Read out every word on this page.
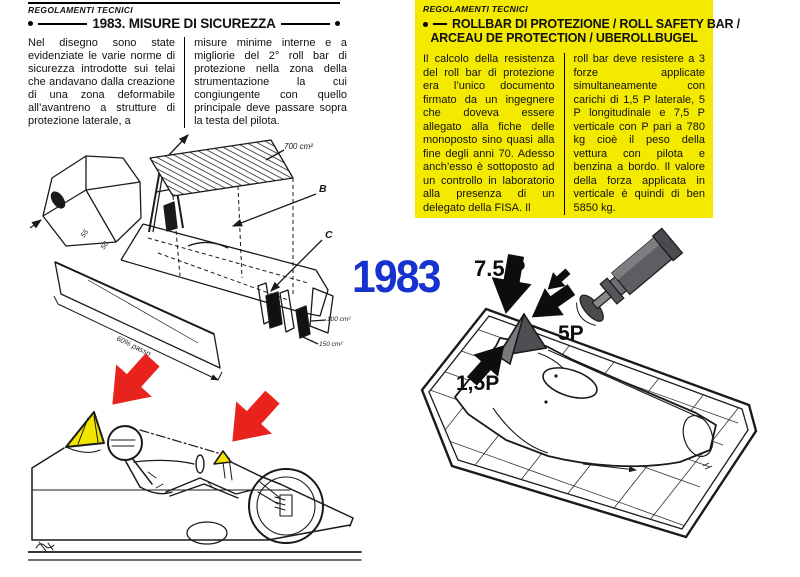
REGOLAMENTI TECNICI
1983. MISURE DI SICUREZZA
Nel disegno sono state evidenziate le varie norme di sicurezza introdotte sui telai che andavano dalla creazione di una zona deformabile all’avantreno a strutture di protezione laterale, a
misure minime interne e a migliorie del 2° roll bar di protezione nella zona della strumentazione la cui congiungente con quello principale deve passare sopra la testa del pilota.
700 cm²
B
C
60% passo
100 cm²
150 cm²
55
50
1983
REGOLAMENTI TECNICI
ROLLBAR DI PROTEZIONE / ROLL SAFETY BAR /
ARCEAU DE PROTECTION / UBEROLLBUGEL
Il calcolo della resistenza del roll bar di protezione era l’unico documento firmato da un ingegnere che doveva essere allegato alla fiche delle monoposto sino quasi alla fine degli anni 70. Adesso anch’esso è sottoposto ad un controllo in laboratorio alla presenza di un delegato della FISA. Il
roll bar deve resistere a 3 forze applicate simultaneamente con carichi di 1,5 P laterale, 5 P longitudinale e 7,5 P verticale con P pari a 780 kg cioè il peso della vettura con pilota e benzina a bordo. Il valore della forza applicata in verticale è quindi di ben 5850 kg.
7.5 P
5P
1,5P
